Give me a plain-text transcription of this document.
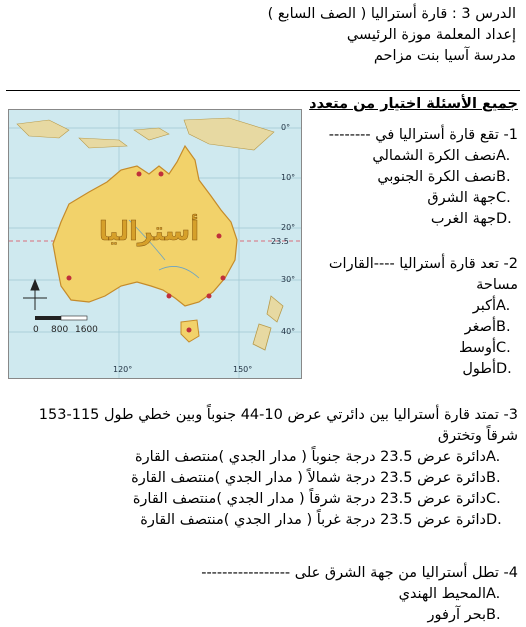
الدرس 3 : قارة أستراليا ( الصف السابع )
إعداد المعلمة موزة الرئيسي
مدرسة آسيا بنت مزاحم
جميع الأسئلة اختيار من متعدد
أستراليا
0°
10°
20°
23.5
30°
40°
120°	150°
0 800 1600
1- تقع قارة أستراليا في --------
A.
نصف الكرة الشمالي
B.
نصف الكرة الجنوبي
C.
جهة الشرق
D.
جهة الغرب
2- تعد قارة أستراليا ----القارات مساحة
A.
أكبر
B.
أصغر
C.
أوسط
D.
أطول
3- تمتد قارة أستراليا بين دائرتي عرض 10-44 جنوباً وبين خطي طول 115-153 شرقاً وتخترق
A.
دائرة عرض 23.5 درجة جنوباً ( مدار الجدي )منتصف القارة
B.
دائرة عرض 23.5 درجة شمالاً ( مدار الجدي )منتصف القارة
C.
دائرة عرض 23.5 درجة شرقاً ( مدار الجدي )منتصف القارة
D.
دائرة عرض 23.5 درجة غرباً ( مدار الجدي )منتصف القارة
4- تطل أستراليا من جهة الشرق على -----------------
A.
المحيط الهندي
B.
بحر آرفور
